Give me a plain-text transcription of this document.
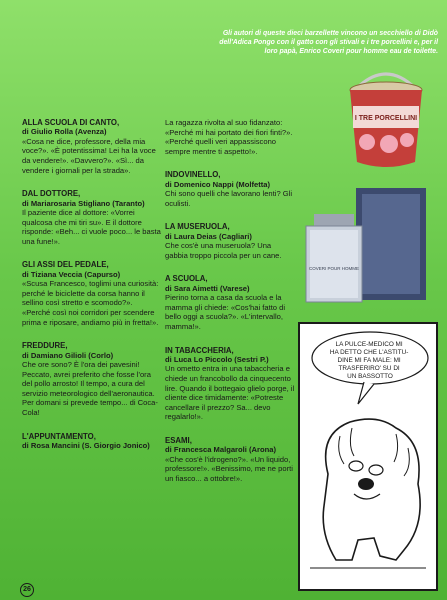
Gli autori di queste dieci barzellette vincono un secchiello di Didò dell'Adica Pongo con il gatto con gli stivali e i tre porcellini e, per il loro papà, Enrico Coveri pour homme eau de toilette.
I TRE PORCELLINI
COVERI POUR HOMME
ALLA SCUOLA DI CANTO,
di Giulio Rolla (Avenza)

«Cosa ne dice, professore, della mia voce?». «È potentissima! Lei ha la voce da vendere!». «Davvero?». «Sì... da vendere i giornali per la strada».

DAL DOTTORE,
di Mariarosaria Stigliano (Taranto)

Il paziente dice al dottore: «Vorrei qualcosa che mi tiri su». E il dottore risponde: «Beh... ci vuole poco... le basta una fune!».

GLI ASSI DEL PEDALE,
di Tiziana Veccia (Capurso)

«Scusa Francesco, toglimi una curiosità: perché le biciclette da corsa hanno il sellino così stretto e scomodo?». «Perché così noi corridori per scendere prima e riposare, andiamo più in fretta!».

FREDDURE,
di Damiano Gilioli (Corlo)

Che ore sono? È l'ora dei pavesini! Peccato, avrei preferito che fosse l'ora del pollo arrosto! Il tempo, a cura del servizio meteorologico dell'aeronautica. Per domani si prevede tempo... di Coca-Cola!

L'APPUNTAMENTO,
di Rosa Mancini (S. Giorgio Jonico)

La ragazza rivolta al suo fidanzato: «Perché mi hai portato dei fiori finti?». «Perché quelli veri appassiscono sempre mentre ti aspetto!».

INDOVINELLO,
di Domenico Nappi (Molfetta)

Chi sono quelli che lavorano lenti? Gli oculisti.

LA MUSERUOLA,
di Laura Deias (Cagliari)

Che cos'è una museruola? Una gabbia troppo piccola per un cane.

A SCUOLA,
di Sara Aimetti (Varese)

Pierino torna a casa da scuola e la mamma gli chiede: «Cos'hai fatto di bello oggi a scuola?». «L'intervallo, mamma!».

IN TABACCHERIA,
di Luca Lo Piccolo (Sestri P.)

Un ometto entra in una tabaccheria e chiede un francobollo da cinquecento lire. Quando il bottegaio glielo porge, il cliente dice timidamente: «Potreste cancellare il prezzo? Sa... devo regalarlo!».

ESAMI,
di Francesca Malgaroli (Arona)

«Che cos'è l'idrogeno?». «Un liquido, professore!». «Benissimo, me ne porti un fiasco... a ottobre!».

LA PULCE-MEDICO MI HA DETTO CHE L'ASTITU- DINE MI FA MALE: MI TRASFERIRO' SU DI UN BASSOTTO
26
